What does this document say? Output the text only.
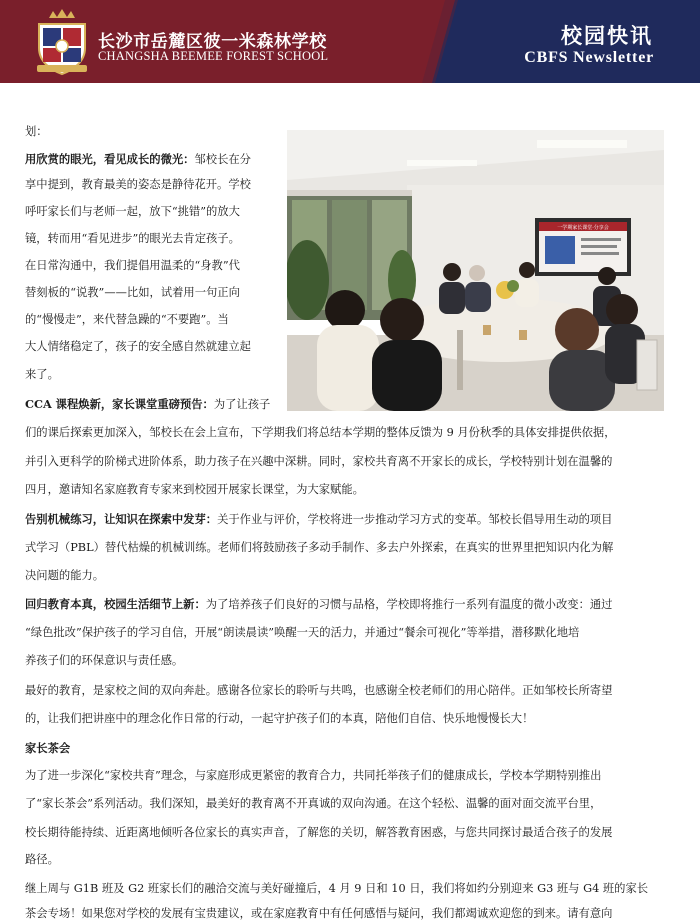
长沙市岳麓区彼一米森林学校
CHANGSHA BEEMEE FOREST SCHOOL
校园快讯
CBFS Newsletter
一学期家长课堂·分享会
划：
用欣赏的眼光，看见成长的微光：邹校长在分
享中提到，教育最美的姿态是静待花开。学校
呼吁家长们与老师一起，放下“挑错”的放大
镜，转而用“看见进步”的眼光去肯定孩子。
在日常沟通中，我们提倡用温柔的“身教”代
替刻板的“说教”——比如，试着用一句正向
的“慢慢走”，来代替急躁的“不要跑”。当
大人情绪稳定了，孩子的安全感自然就建立起
来了。
CCA 课程焕新，家长课堂重磅预告：为了让孩子
们的课后探索更加深入，邹校长在会上宣布，下学期我们将总结本学期的整体反馈为 9 月份秋季的具体安排提供依据，
并引入更科学的阶梯式进阶体系，助力孩子在兴趣中深耕。同时，家校共育离不开家长的成长，学校特别计划在温馨的
四月，邀请知名家庭教育专家来到校园开展家长课堂，为大家赋能。
告别机械练习，让知识在探索中发芽：关于作业与评价，学校将进一步推动学习方式的变革。邹校长倡导用生动的项目
式学习（PBL）替代枯燥的机械训练。老师们将鼓励孩子多动手制作、多去户外探索，在真实的世界里把知识内化为解
决问题的能力。
回归教育本真，校园生活细节上新：为了培养孩子们良好的习惯与品格，学校即将推行一系列有温度的微小改变：通过
“绿色批改”保护孩子的学习自信，开展“朗读晨读”唤醒一天的活力，并通过“餐余可视化”等举措，潜移默化地培
养孩子们的环保意识与责任感。
最好的教育，是家校之间的双向奔赴。感谢各位家长的聆听与共鸣，也感谢全校老师们的用心陪伴。正如邹校长所寄望
的，让我们把讲座中的理念化作日常的行动，一起守护孩子们的本真，陪他们自信、快乐地慢慢长大！
家长茶会
为了进一步深化“家校共育”理念，与家庭形成更紧密的教育合力，共同托举孩子们的健康成长，学校本学期特别推出
了“家长茶会”系列活动。我们深知，最美好的教育离不开真诚的双向沟通。在这个轻松、温馨的面对面交流平台里，
校长期待能持续、近距离地倾听各位家长的真实声音，了解您的关切，解答教育困惑，与您共同探讨最适合孩子的发展
路径。
继上周与 G1B 班及 G2 班家长们的融洽交流与美好碰撞后，4 月 9 日和 10 日，我们将如约分别迎来 G3 班与 G4 班的家长
茶会专场！如果您对学校的发展有宝贵建议，或在家庭教育中有任何感悟与疑问，我们都竭诚欢迎您的到来。请有意向
